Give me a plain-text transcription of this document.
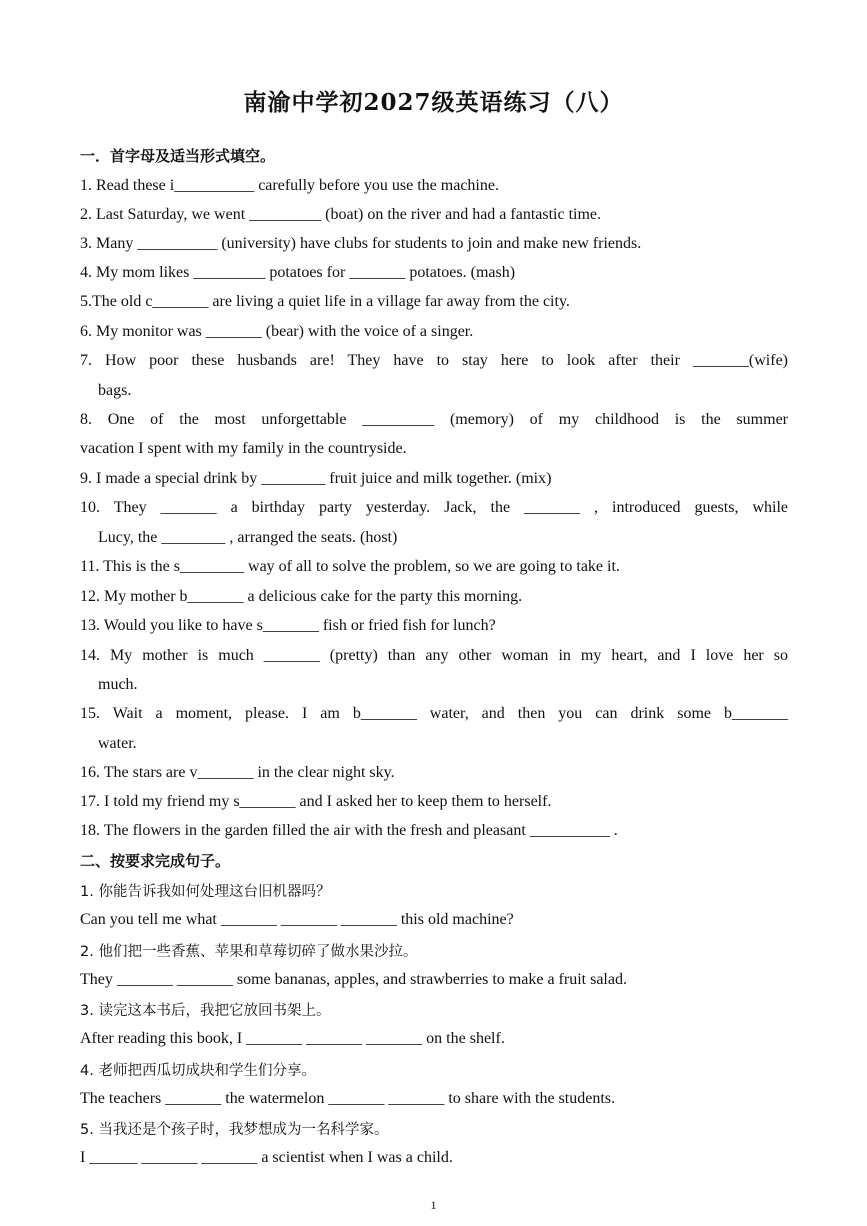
南渝中学初2027级英语练习（八）
一．首字母及适当形式填空。
1. Read these i__________ carefully before you use the machine.
2. Last Saturday, we went _________ (boat) on the river and had a fantastic time.
3. Many __________ (university) have clubs for students to join and make new friends.
4. My mom likes _________ potatoes for _______ potatoes. (mash)
5.The old c_______ are living a quiet life in a village far away from the city.
6. My monitor was _______ (bear) with the voice of a singer.
7. How poor these husbands are! They have to stay here to look after their _______(wife)
bags.
8. One of the most unforgettable _________ (memory) of my childhood is the summer
vacation I spent with my family in the countryside.
9. I made a special drink by ________ fruit juice and milk together. (mix)
10. They _______ a birthday party yesterday. Jack, the _______ , introduced guests, while
Lucy, the ________ , arranged the seats. (host)
11. This is the s________ way of all to solve the problem, so we are going to take it.
12. My mother b_______ a delicious cake for the party this morning.
13. Would you like to have s_______ fish or fried fish for lunch?
14. My mother is much _______ (pretty) than any other woman in my heart, and I love her so
much.
15. Wait a moment, please. I am b_______ water, and then you can drink some b_______
water.
16. The stars are v_______ in the clear night sky.
17. I told my friend my s_______ and I asked her to keep them to herself.
18. The flowers in the garden filled the air with the fresh and pleasant __________ .
二、按要求完成句子。
1. 你能告诉我如何处理这台旧机器吗？
Can you tell me what _______ _______ _______ this old machine?
2. 他们把一些香蕉、苹果和草莓切碎了做水果沙拉。
They _______ _______ some bananas, apples, and strawberries to make a fruit salad.
3. 读完这本书后，我把它放回书架上。
After reading this book, I _______ _______ _______ on the shelf.
4. 老师把西瓜切成块和学生们分享。
The teachers _______ the watermelon _______ _______ to share with the students.
5. 当我还是个孩子时，我梦想成为一名科学家。
I ______ _______ _______ a scientist when I was a child.
1
